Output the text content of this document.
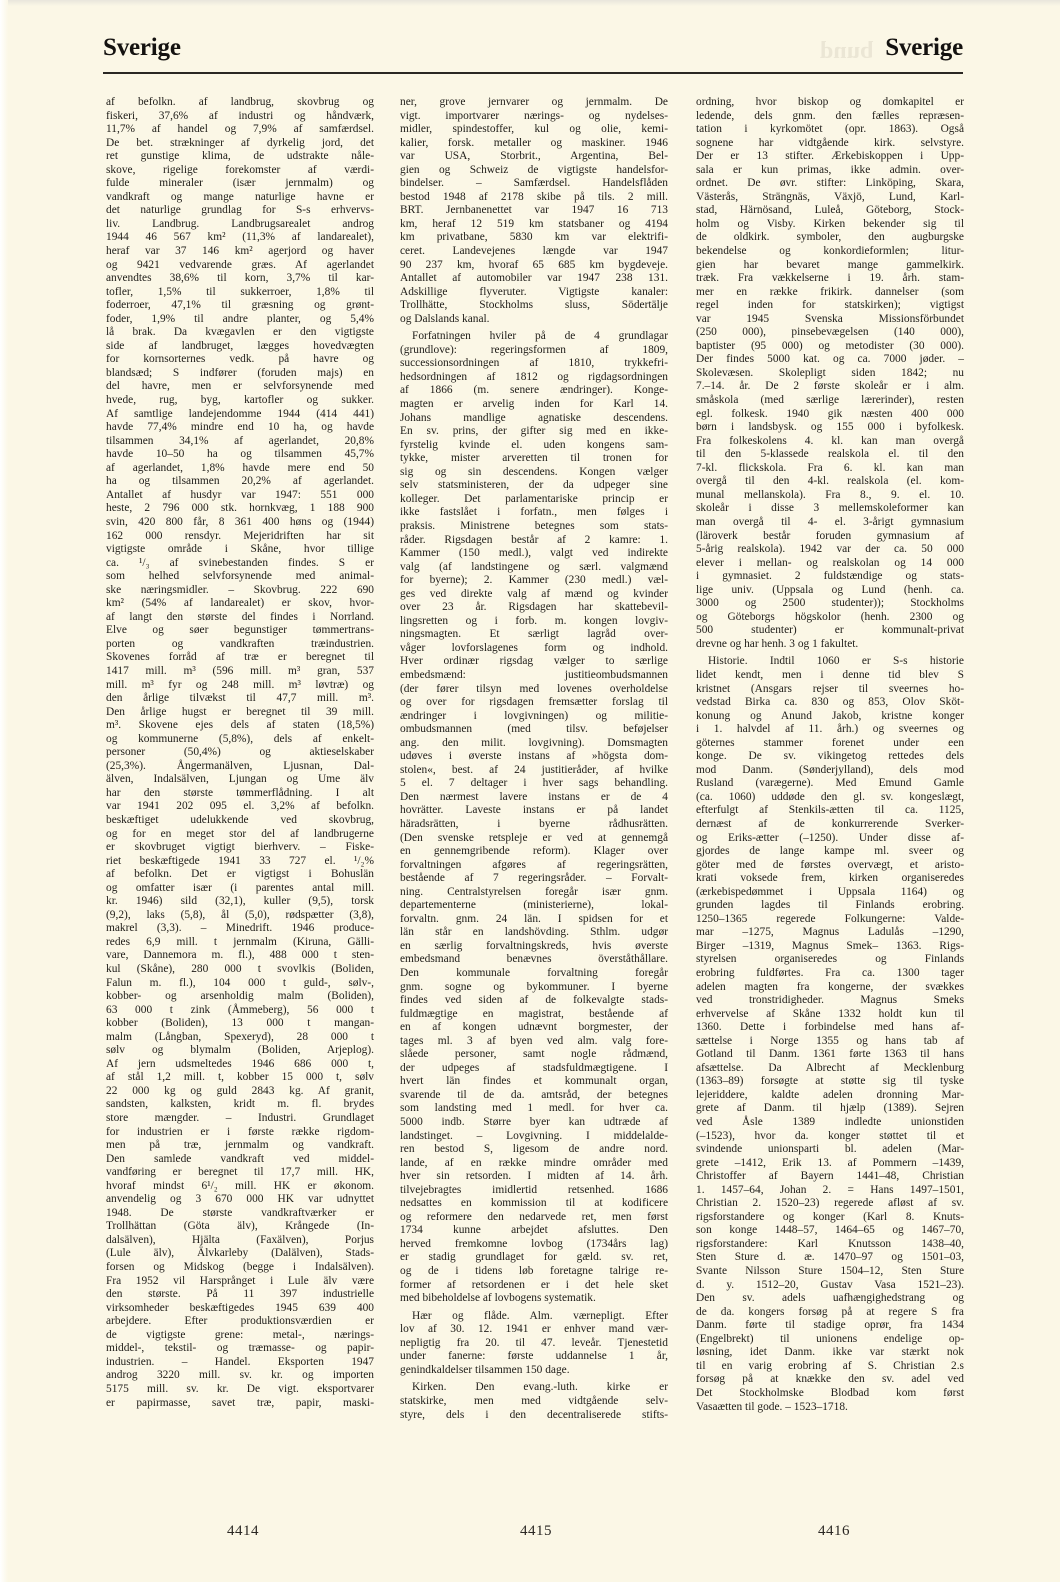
bund
Sverige	Sverige
af befolkn. af landbrug, skovbrug og
fiskeri, 37,6% af industri og håndværk,
11,7% af handel og 7,9% af samfærdsel.
De bet. strækninger af dyrkelig jord, det
ret gunstige klima, de udstrakte nåle-
skove, rigelige forekomster af værdi-
fulde mineraler (især jernmalm) og
vandkraft og mange naturlige havne er
det naturlige grundlag for S-s erhvervs-
liv. Landbrug. Landbrugsarealet androg
1944 46 567 km² (11,3% af landarealet),
heraf var 37 146 km² agerjord og haver
og 9421 vedvarende græs. Af agerlandet
anvendtes 38,6% til korn, 3,7% til kar-
tofler, 1,5% til sukkerroer, 1,8% til
foderroer, 47,1% til græsning og grønt-
foder, 1,9% til andre planter, og 5,4%
lå brak. Da kvægavlen er den vigtigste
side af landbruget, lægges hovedvægten
for kornsorternes vedk. på havre og
blandsæd; S indfører (foruden majs) en
del havre, men er selvforsynende med
hvede, rug, byg, kartofler og sukker.
Af samtlige landejendomme 1944 (414 441)
havde 77,4% mindre end 10 ha, og havde
tilsammen 34,1% af agerlandet, 20,8%
havde 10–50 ha og tilsammen 45,7%
af agerlandet, 1,8% havde mere end 50
ha og tilsammen 20,2% af agerlandet.
Antallet af husdyr var 1947: 551 000
heste, 2 796 000 stk. hornkvæg, 1 188 900
svin, 420 800 får, 8 361 400 høns og (1944)
162 000 rensdyr. Mejeridriften har sit
vigtigste område i Skåne, hvor tillige
ca. ¹/₃ af svinebestanden findes. S er
som helhed selvforsynende med animal-
ske næringsmidler. – Skovbrug. 222 690
km² (54% af landarealet) er skov, hvor-
af langt den største del findes i Norrland.
Elve og søer begunstiger tømmertrans-
porten og vandkraften træindustrien.
Skovenes forråd af træ er beregnet til
1417 mill. m³ (596 mill. m³ gran, 537
mill. m³ fyr og 248 mill. m³ løvtræ) og
den årlige tilvækst til 47,7 mill. m³.
Den årlige hugst er beregnet til 39 mill.
m³. Skovene ejes dels af staten (18,5%)
og kommunerne (5,8%), dels af enkelt-
personer (50,4%) og aktieselskaber
(25,3%). Ångermanälven, Ljusnan, Dal-
älven, Indalsälven, Ljungan og Ume älv
har den største tømmerflådning. I alt
var 1941 202 095 el. 3,2% af befolkn.
beskæftiget udelukkende ved skovbrug,
og for en meget stor del af landbrugerne
er skovbruget vigtigt bierhverv. – Fiske-
riet beskæftigede 1941 33 727 el. ¹/₂%
af befolkn. Det er vigtigst i Bohuslän
og omfatter især (i parentes antal mill.
kr. 1946) sild (32,1), kuller (9,5), torsk
(9,2), laks (5,8), ål (5,0), rødspætter (3,8),
makrel (3,3). – Minedrift. 1946 produce-
redes 6,9 mill. t jernmalm (Kiruna, Gälli-
vare, Dannemora m. fl.), 488 000 t sten-
kul (Skåne), 280 000 t svovlkis (Boliden,
Falun m. fl.), 104 000 t guld-, sølv-,
kobber- og arsenholdig malm (Boliden),
63 000 t zink (Åmmeberg), 56 000 t
kobber (Boliden), 13 000 t mangan-
malm (Långban, Spexeryd), 28 000 t
sølv og blymalm (Boliden, Arjeplog).
Af jern udsmeltedes 1946 686 000 t,
af stål 1,2 mill. t, kobber 15 000 t, sølv
22 000 kg og guld 2843 kg. Af granit,
sandsten, kalksten, kridt m. fl. brydes
store mængder. – Industri. Grundlaget
for industrien er i første række rigdom-
men på træ, jernmalm og vandkraft.
Den samlede vandkraft ved middel-
vandføring er beregnet til 17,7 mill. HK,
hvoraf mindst 6¹/₂ mill. HK er økonom.
anvendelig og 3 670 000 HK var udnyttet
1948. De største vandkraftværker er
Trollhättan (Göta älv), Krångede (In-
dalsälven), Hjälta (Faxälven), Porjus
(Lule älv), Älvkarleby (Dalälven), Stads-
forsen og Midskog (begge i Indalsälven).
Fra 1952 vil Harsprånget i Lule älv være
den største. På 11 397 industrielle
virksomheder beskæftigedes 1945 639 400
arbejdere. Efter produktionsværdien er
de vigtigste grene: metal-, nærings-
middel-, tekstil- og træmasse- og papir-
industrien. – Handel. Eksporten 1947
androg 3220 mill. sv. kr. og importen
5175 mill. sv. kr. De vigt. eksportvarer
er papirmasse, savet træ, papir, maski-
ner, grove jernvarer og jernmalm. De
vigt. importvarer nærings- og nydelses-
midler, spindestoffer, kul og olie, kemi-
kalier, forsk. metaller og maskiner. 1946
var USA, Storbrit., Argentina, Bel-
gien og Schweiz de vigtigste handelsfor-
bindelser. – Samfærdsel. Handelsflåden
bestod 1948 af 2178 skibe på tils. 2 mill.
BRT. Jernbanenettet var 1947 16 713
km, heraf 12 519 km statsbaner og 4194
km privatbane, 5830 km var elektrifi-
ceret. Landevejenes længde var 1947
90 237 km, hvoraf 65 685 km bygdeveje.
Antallet af automobiler var 1947 238 131.
Adskillige flyveruter. Vigtigste kanaler:
Trollhätte, Stockholms sluss, Södertälje
og Dalslands kanal.
Forfatningen hviler på de 4 grundlagar
(grundlove): regeringsformen af 1809,
successionsordningen af 1810, trykkefri-
hedsordningen af 1812 og rigdagsordningen
af 1866 (m. senere ændringer). Konge-
magten er arvelig inden for Karl 14.
Johans mandlige agnatiske descendens.
En sv. prins, der gifter sig med en ikke-
fyrstelig kvinde el. uden kongens sam-
tykke, mister arveretten til tronen for
sig og sin descendens. Kongen vælger
selv statsministeren, der da udpeger sine
kolleger. Det parlamentariske princip er
ikke fastslået i forfatn., men følges i
praksis. Ministrene betegnes som stats-
råder. Rigsdagen består af 2 kamre: 1.
Kammer (150 medl.), valgt ved indirekte
valg (af landstingene og særl. valgmænd
for byerne); 2. Kammer (230 medl.) væl-
ges ved direkte valg af mænd og kvinder
over 23 år. Rigsdagen har skattebevil-
lingsretten og i forb. m. kongen lovgiv-
ningsmagten. Et særligt lagråd over-
våger lovforslagenes form og indhold.
Hver ordinær rigsdag vælger to særlige
embedsmænd: justitieombudsmannen
(der fører tilsyn med lovenes overholdelse
og over for rigsdagen fremsætter forslag til
ændringer i lovgivningen) og militie-
ombudsmannen (med tilsv. beføjelser
ang. den milit. lovgivning). Domsmagten
udøves i øverste instans af »högsta dom-
stolen«, best. af 24 justitieråder, af hvilke
5 el. 7 deltager i hver sags behandling.
Den nærmest lavere instans er de 4
hovrätter. Laveste instans er på landet
häradsrätten, i byerne rådhusrätten.
(Den svenske retspleje er ved at gennemgå
en gennemgribende reform). Klager over
forvaltningen afgøres af regeringsrätten,
bestående af 7 regeringsråder. – Forvalt-
ning. Centralstyrelsen foregår især gnm.
departementerne (ministerierne), lokal-
forvaltn. gnm. 24 län. I spidsen for et
län står en landshövding. Sthlm. udgør
en særlig forvaltningskreds, hvis øverste
embedsmand benævnes överståthållare.
Den kommunale forvaltning foregår
gnm. sogne og bykommuner. I byerne
findes ved siden af de folkevalgte stads-
fuldmægtige en magistrat, bestående af
en af kongen udnævnt borgmester, der
tages ml. 3 af byen ved alm. valg fore-
slåede personer, samt nogle rådmænd,
der udpeges af stadsfuldmægtigene. I
hvert län findes et kommunalt organ,
svarende til de da. amtsråd, der betegnes
som landsting med 1 medl. for hver ca.
5000 indb. Større byer kan udtræde af
landstinget. – Lovgivning. I middelalde-
ren bestod S, ligesom de andre nord.
lande, af en række mindre områder med
hver sin retsorden. I midten af 14. årh.
tilvejebragtes imidlertid retsenhed. 1686
nedsattes en kommission til at kodificere
og reformere den nedarvede ret, men først
1734 kunne arbejdet afsluttes. Den
herved fremkomne lovbog (1734års lag)
er stadig grundlaget for gæld. sv. ret,
og de i tidens løb foretagne talrige re-
former af retsordenen er i det hele sket
med bibeholdelse af lovbogens systematik.
Hær og flåde. Alm. værnepligt. Efter
lov af 30. 12. 1941 er enhver mand vær-
nepligtig fra 20. til 47. leveår. Tjenestetid
under fanerne: første uddannelse 1 år,
genindkaldelser tilsammen 150 dage.
Kirken. Den evang.-luth. kirke er
statskirke, men med vidtgående selv-
styre, dels i den decentraliserede stifts-
ordning, hvor biskop og domkapitel er
ledende, dels gnm. den fælles repræsen-
tation i kyrkomötet (opr. 1863). Også
sognene har vidtgående kirk. selvstyre.
Der er 13 stifter. Ærkebiskoppen i Upp-
sala er kun primas, ikke admin. over-
ordnet. De øvr. stifter: Linköping, Skara,
Västerås, Strängnäs, Växjö, Lund, Karl-
stad, Härnösand, Luleå, Göteborg, Stock-
holm og Visby. Kirken bekender sig til
de oldkirk. symboler, den augburgske
bekendelse og konkordieformlen; litur-
gien har bevaret mange gammelkirk.
træk. Fra vækkelserne i 19. årh. stam-
mer en række frikirk. dannelser (som
regel inden for statskirken); vigtigst
var 1945 Svenska Missionsförbundet
(250 000), pinsebevægelsen (140 000),
baptister (95 000) og metodister (30 000).
Der findes 5000 kat. og ca. 7000 jøder. –
Skolevæsen. Skolepligt siden 1842; nu
7.–14. år. De 2 første skoleår er i alm.
småskola (med særlige lærerinder), resten
egl. folkesk. 1940 gik næsten 400 000
børn i landsbysk. og 155 000 i byfolkesk.
Fra folkeskolens 4. kl. kan man overgå
til den 5-klassede realskola el. til den
7-kl. flickskola. Fra 6. kl. kan man
overgå til den 4-kl. realskola (el. kom-
munal mellanskola). Fra 8., 9. el. 10.
skoleår i disse 3 mellemskoleformer kan
man overgå til 4- el. 3-årigt gymnasium
(läroverk består foruden gymnasium af
5-årig realskola). 1942 var der ca. 50 000
elever i mellan- og realskolan og 14 000
i gymnasiet. 2 fuldstændige og stats-
lige univ. (Uppsala og Lund (henh. ca.
3000 og 2500 studenter)); Stockholms
og Göteborgs högskolor (henh. 2300 og
500 studenter) er kommunalt-privat
drevne og har henh. 3 og 1 fakultet.
Historie. Indtil 1060 er S-s historie
lidet kendt, men i denne tid blev S
kristnet (Ansgars rejser til sveernes ho-
vedstad Birka ca. 830 og 853, Olov Sköt-
konung og Anund Jakob, kristne konger
i 1. halvdel af 11. årh.) og sveernes og
göternes stammer forenet under een
konge. De sv. vikingetog rettedes dels
mod Danm. (Sønderjylland), dels mod
Rusland (varægerne). Med Emund Gamle
(ca. 1060) uddøde den gl. sv. kongeslægt,
efterfulgt af Stenkils-ætten til ca. 1125,
dernæst af de konkurrerende Sverker-
og Eriks-ætter (–1250). Under disse af-
gjordes de lange kampe ml. sveer og
göter med de førstes overvægt, et aristo-
krati voksede frem, kirken organiseredes
(ærkebispedømmet i Uppsala 1164) og
grunden lagdes til Finlands erobring.
1250–1365 regerede Folkungerne: Valde-
mar –1275, Magnus Ladulås –1290,
Birger –1319, Magnus Smek– 1363. Rigs-
styrelsen organiseredes og Finlands
erobring fuldførtes. Fra ca. 1300 tager
adelen magten fra kongerne, der svækkes
ved tronstridigheder. Magnus Smeks
erhvervelse af Skåne 1332 holdt kun til
1360. Dette i forbindelse med hans af-
sættelse i Norge 1355 og hans tab af
Gotland til Danm. 1361 førte 1363 til hans
afsættelse. Da Albrecht af Mecklenburg
(1363–89) forsøgte at støtte sig til tyske
lejeriddere, kaldte adelen dronning Mar-
grete af Danm. til hjælp (1389). Sejren
ved Åsle 1389 indledte unionstiden
(–1523), hvor da. konger støttet til et
svindende unionsparti bl. adelen (Mar-
grete –1412, Erik 13. af Pommern –1439,
Christoffer af Bayern 1441–48, Christian
1. 1457–64, Johan 2. = Hans 1497–1501,
Christian 2. 1520–23) regerede afløst af sv.
rigsforstandere og konger (Karl 8. Knuts-
son konge 1448–57, 1464–65 og 1467–70,
rigsforstandere: Karl Knutsson 1438–40,
Sten Sture d. æ. 1470–97 og 1501–03,
Svante Nilsson Sture 1504–12, Sten Sture
d. y. 1512–20, Gustav Vasa 1521–23).
Den sv. adels uafhængighedstrang og
de da. kongers forsøg på at regere S fra
Danm. førte til stadige oprør, fra 1434
(Engelbrekt) til unionens endelige op-
løsning, idet Danm. ikke var stærkt nok
til en varig erobring af S. Christian 2.s
forsøg på at knække den sv. adel ved
Det Stockholmske Blodbad kom først
Vasaætten til gode. – 1523–1718.
4414	4415	4416
